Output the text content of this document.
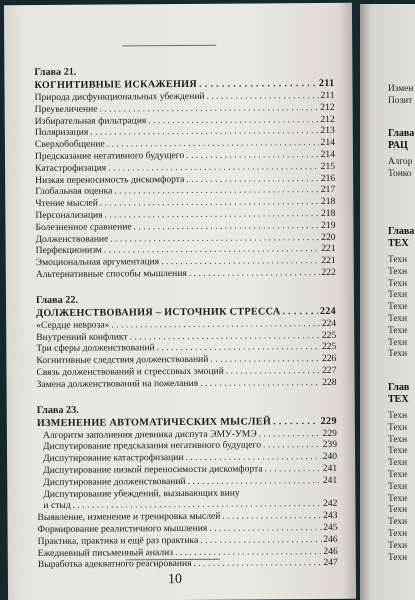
Глава 21.
КОГНИТИВНЫЕ ИСКАЖЕНИЯ . . .	211
Природа дисфункциональных убеждений . . .	211
Преувеличение . . .	212
Избирательная фильтрация . . .	212
Поляризация . . .	213
Сверхобобщение . . .	214
Предсказание негативного будущего . . .	214
Катастрофизация . . .	215
Низкая переносимость дискомфорта . . .	216
Глобальная оценка . . .	217
Чтение мыслей . . .	218
Персонализация . . .	218
Болезненное сравнение . . .	219
Долженствование . . .	220
Перфекционизм . . .	221
Эмоциональная аргументация . . .	221
Альтернативные способы мышления . . .	222
Глава 22.
ДОЛЖЕНСТВОВАНИЯ – ИСТОЧНИК СТРЕССА . . .	224
«Сердце невроза» . . .	224
Внутренний конфликт . . .	225
Три сферы долженствований . . .	225
Когнитивные следствия долженствований . . .	226
Связь долженствований и стрессовых эмоций . . .	227
Замена долженствований на пожелания . . .	228
Глава 23.
ИЗМЕНЕНИЕ АВТОМАТИЧЕСКИХ МЫСЛЕЙ . . .	229
Алгоритм заполнения дневника диспута ЭМУ-УМЭ . . .	229
Диспутирование предсказания негативного будущего . . .	239
Диспутирование катастрофизации . . .	240
Диспутирование низкой переносимости дискомфорта . . .	241
Диспутирование долженствований . . .	241
Диспутирование убеждений, вызывающих вину
и стыд . . .	242
Выявление, изменение и тренировка мыслей . . .	243
Формирование реалистичного мышления . . .	245
Практика, практика и ещё раз практика . . .	246
Ежедневный письменный анализ . . .	246
Выработка адекватного реагирования . . .	247
10
Измен
Позит
Глава
РАЦ
Алгор
Тонко
Глава
ТЕХ
Техн
Техн
Техн
Техн
Техн
Техн
Техн
Техн
Техн
Глав
ТЕХ
Техн
Техн
Техн
Техн
Техн
Техн
Техн
Техн
Техн
Техн
Техн
Техн
Техн
